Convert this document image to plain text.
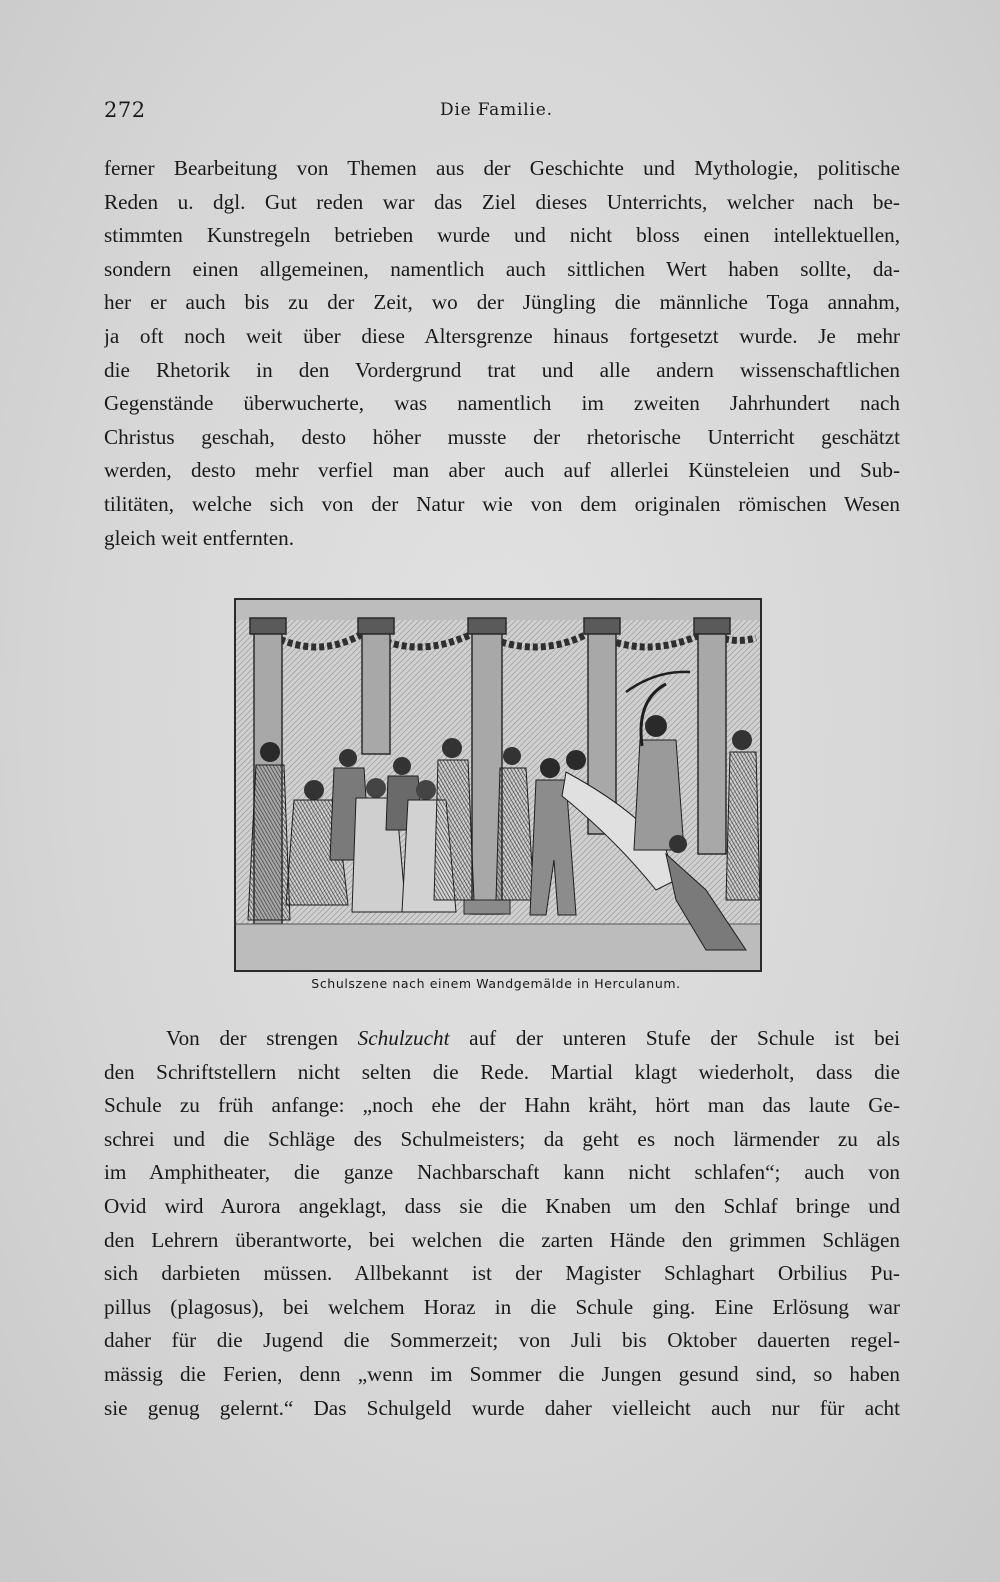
272	Die Familie.
ferner Bearbeitung von Themen aus der Geschichte und Mythologie, politische
Reden u. dgl. Gut reden war das Ziel dieses Unterrichts, welcher nach be-
stimmten Kunstregeln betrieben wurde und nicht bloss einen intellektuellen,
sondern einen allgemeinen, namentlich auch sittlichen Wert haben sollte, da-
her er auch bis zu der Zeit, wo der Jüngling die männliche Toga annahm,
ja oft noch weit über diese Altersgrenze hinaus fortgesetzt wurde. Je mehr
die Rhetorik in den Vordergrund trat und alle andern wissenschaftlichen
Gegenstände überwucherte, was namentlich im zweiten Jahrhundert nach
Christus geschah, desto höher musste der rhetorische Unterricht geschätzt
werden, desto mehr verfiel man aber auch auf allerlei Künsteleien und Sub-
tilitäten, welche sich von der Natur wie von dem originalen römischen Wesen
gleich weit entfernten.
Schulszene nach einem Wandgemälde in Herculanum.
Von der strengen Schulzucht auf der unteren Stufe der Schule ist bei
den Schriftstellern nicht selten die Rede. Martial klagt wiederholt, dass die
Schule zu früh anfange: „noch ehe der Hahn kräht, hört man das laute Ge-
schrei und die Schläge des Schulmeisters; da geht es noch lärmender zu als
im Amphitheater, die ganze Nachbarschaft kann nicht schlafen“; auch von
Ovid wird Aurora angeklagt, dass sie die Knaben um den Schlaf bringe und
den Lehrern überantworte, bei welchen die zarten Hände den grimmen Schlägen
sich darbieten müssen. Allbekannt ist der Magister Schlaghart Orbilius Pu-
pillus (plagosus), bei welchem Horaz in die Schule ging. Eine Erlösung war
daher für die Jugend die Sommerzeit; von Juli bis Oktober dauerten regel-
mässig die Ferien, denn „wenn im Sommer die Jungen gesund sind, so haben
sie genug gelernt.“ Das Schulgeld wurde daher vielleicht auch nur für acht
